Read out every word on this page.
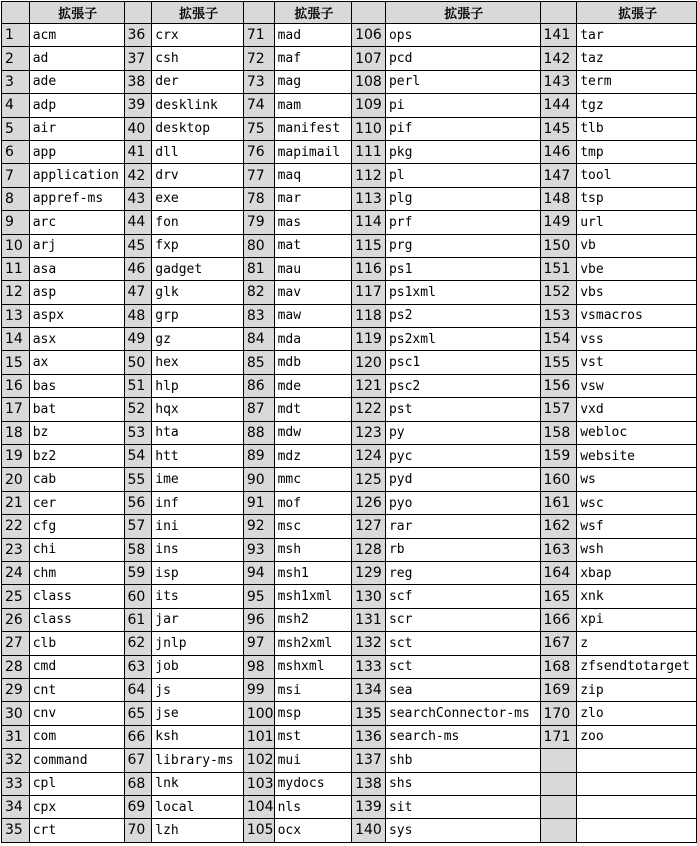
	拡張子		拡張子		拡張子		拡張子		拡張子
1	acm	36	crx	71	mad	106	ops	141	tar
2	ad	37	csh	72	maf	107	pcd	142	taz
3	ade	38	der	73	mag	108	perl	143	term
4	adp	39	desklink	74	mam	109	pi	144	tgz
5	air	40	desktop	75	manifest	110	pif	145	tlb
6	app	41	dll	76	mapimail	111	pkg	146	tmp
7	application	42	drv	77	maq	112	pl	147	tool
8	appref-ms	43	exe	78	mar	113	plg	148	tsp
9	arc	44	fon	79	mas	114	prf	149	url
10	arj	45	fxp	80	mat	115	prg	150	vb
11	asa	46	gadget	81	mau	116	ps1	151	vbe
12	asp	47	glk	82	mav	117	ps1xml	152	vbs
13	aspx	48	grp	83	maw	118	ps2	153	vsmacros
14	asx	49	gz	84	mda	119	ps2xml	154	vss
15	ax	50	hex	85	mdb	120	psc1	155	vst
16	bas	51	hlp	86	mde	121	psc2	156	vsw
17	bat	52	hqx	87	mdt	122	pst	157	vxd
18	bz	53	hta	88	mdw	123	py	158	webloc
19	bz2	54	htt	89	mdz	124	pyc	159	website
20	cab	55	ime	90	mmc	125	pyd	160	ws
21	cer	56	inf	91	mof	126	pyo	161	wsc
22	cfg	57	ini	92	msc	127	rar	162	wsf
23	chi	58	ins	93	msh	128	rb	163	wsh
24	chm	59	isp	94	msh1	129	reg	164	xbap
25	class	60	its	95	msh1xml	130	scf	165	xnk
26	class	61	jar	96	msh2	131	scr	166	xpi
27	clb	62	jnlp	97	msh2xml	132	sct	167	z
28	cmd	63	job	98	mshxml	133	sct	168	zfsendtotarget
29	cnt	64	js	99	msi	134	sea	169	zip
30	cnv	65	jse	100	msp	135	searchConnector-ms	170	zlo
31	com	66	ksh	101	mst	136	search-ms	171	zoo
32	command	67	library-ms	102	mui	137	shb		
33	cpl	68	lnk	103	mydocs	138	shs		
34	cpx	69	local	104	nls	139	sit		
35	crt	70	lzh	105	ocx	140	sys		
